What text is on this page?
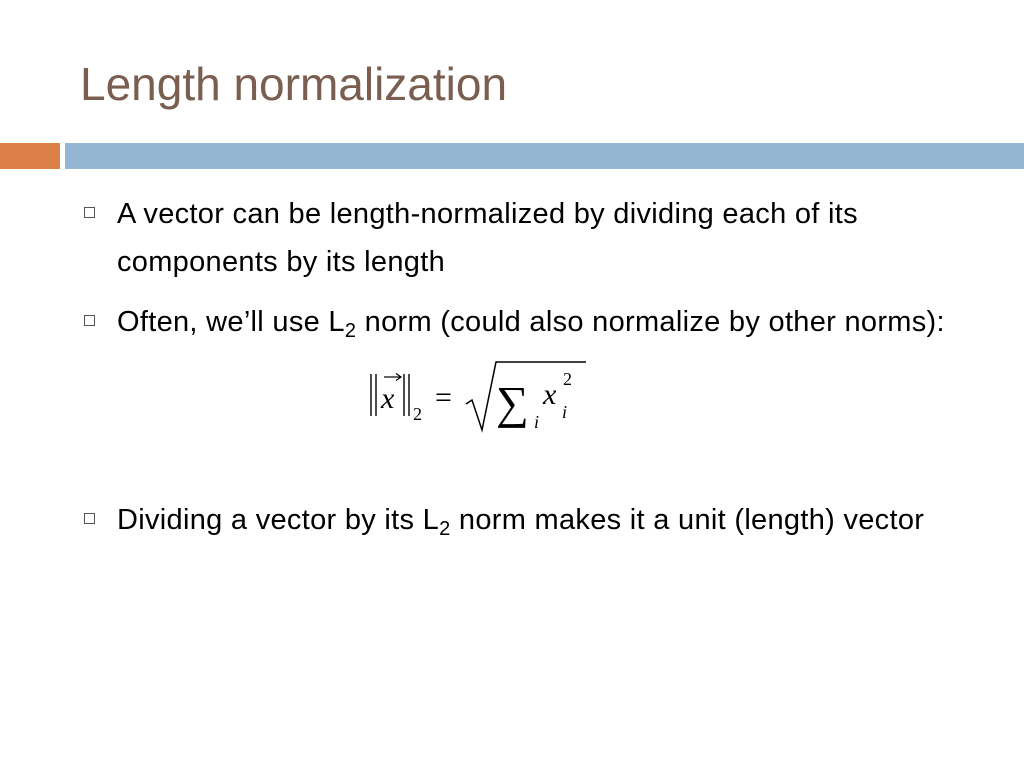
Length normalization
A vector can be length-normalized by dividing each of its components by its length
Often, we’ll use $L_2$ norm (could also normalize by other norms):
x 2 = ∑ i
x 2
i
Dividing a vector by its $L_2$ norm makes it a unit (length) vector
